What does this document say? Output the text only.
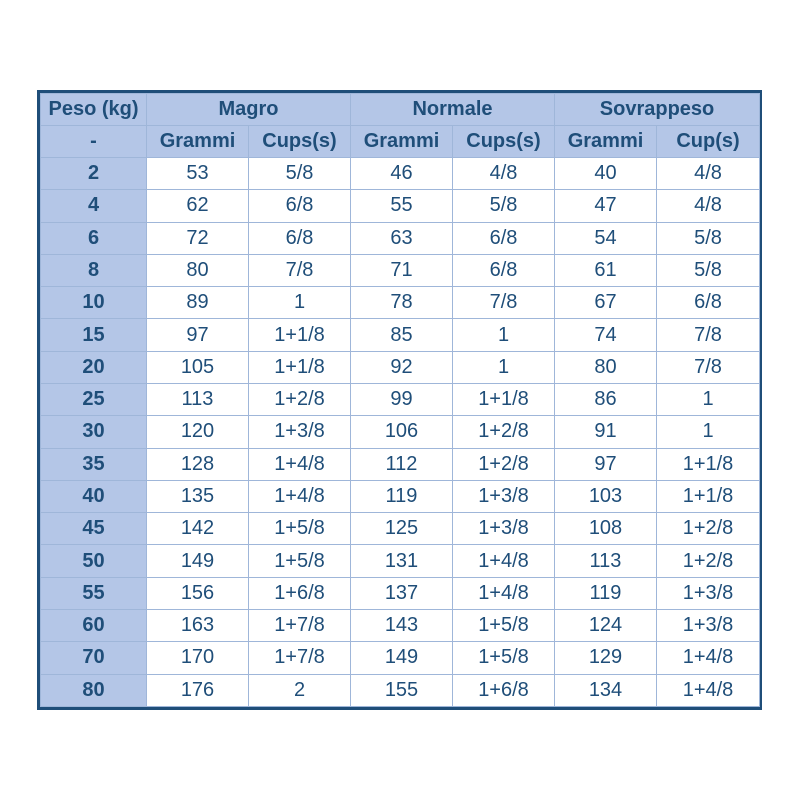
Peso (kg)	Magro		Normale		Sovrappeso	
-	Grammi	Cups(s)	Grammi	Cups(s)	Grammi	Cup(s)
2	53	5/8	46	4/8	40	4/8
4	62	6/8	55	5/8	47	4/8
6	72	6/8	63	6/8	54	5/8
8	80	7/8	71	6/8	61	5/8
10	89	1	78	7/8	67	6/8
15	97	1+1/8	85	1	74	7/8
20	105	1+1/8	92	1	80	7/8
25	113	1+2/8	99	1+1/8	86	1
30	120	1+3/8	106	1+2/8	91	1
35	128	1+4/8	112	1+2/8	97	1+1/8
40	135	1+4/8	119	1+3/8	103	1+1/8
45	142	1+5/8	125	1+3/8	108	1+2/8
50	149	1+5/8	131	1+4/8	113	1+2/8
55	156	1+6/8	137	1+4/8	119	1+3/8
60	163	1+7/8	143	1+5/8	124	1+3/8
70	170	1+7/8	149	1+5/8	129	1+4/8
80	176	2	155	1+6/8	134	1+4/8
